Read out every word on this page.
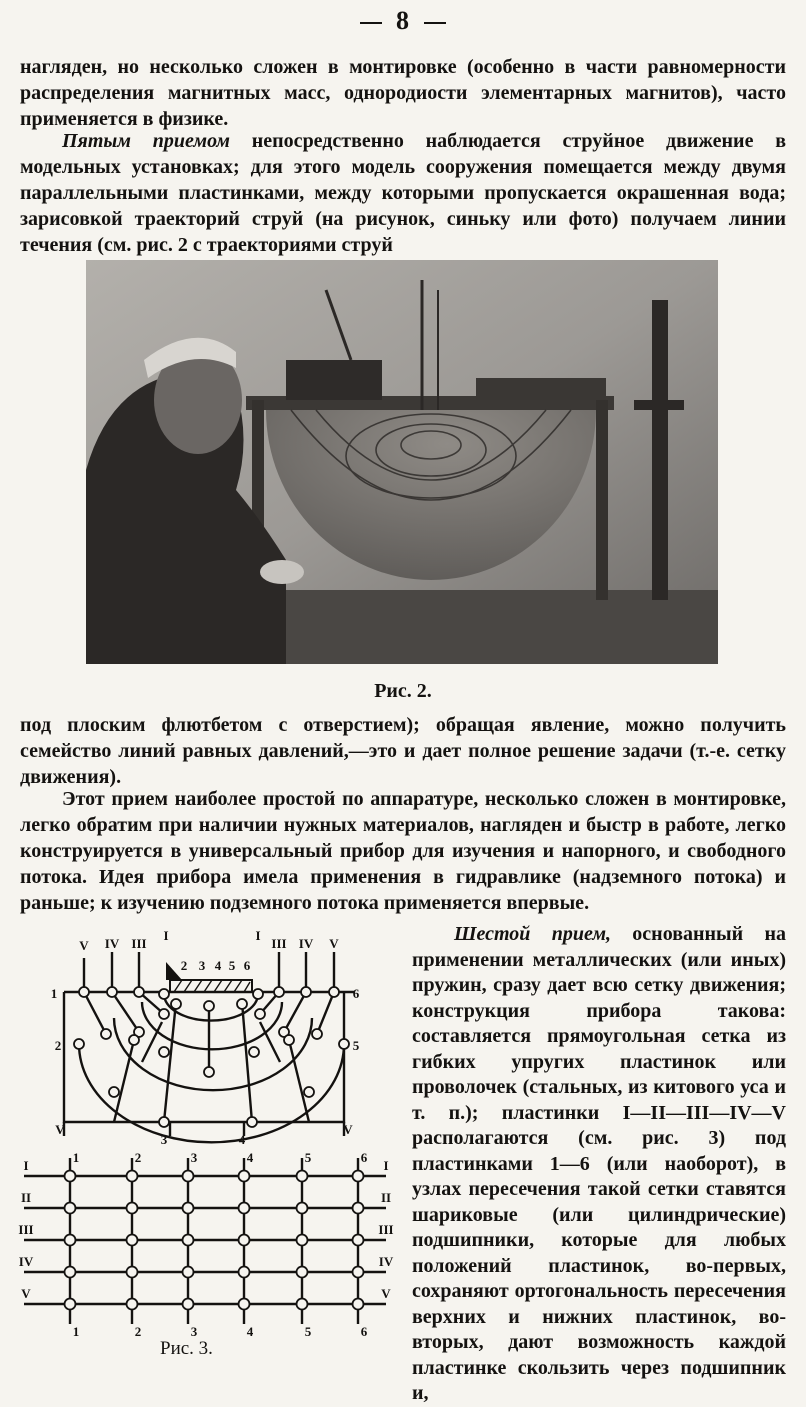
8

нагляден, но несколько сложен в монтировке (особенно в части равномерности распределения магнитных масс, однородиости элементарных магнитов), часто применяется в физике.

Пятым приемом непосредственно наблюдается струйное движение в модельных установках; для этого модель сооружения помещается между двумя параллельными пластинками, между которыми пропускается окрашенная вода; зарисовкой траекторий струй (на рисунок, синьку или фото) получаем линии течения (см. рис. 2 с траекториями струй

Рис. 2.

под плоским флютбетом с отверстием); обращая явление, можно получить семейство линий равных давлений,—это и дает полное решение задачи (т.-е. сетку движения).

Этот прием наиболее простой по аппаратуре, несколько сложен в монтировке, легко обратим при наличии нужных материалов, нагляден и быстр в работе, легко конструируется в универсальный прибор для изучения и напорного, и свободного потока. Идея прибора имела применения в гидравлике (надземного потока) и раньше; к изучению подземного потока применяется впервые.

V IV III	III IV V
I	I
2 3 4 5 6
1	6
2	5
V	V
3	4
I	I
II	II
III	III
IV	IV
V	V
1
1
2
2
3
3
4
4
5
5
6
6
Рис. 3.

Шестой прием, основанный на применении металлических (или иных) пружин, сразу дает всю сетку движения; конструкция прибора такова: составляется прямоугольная сетка из гибких упругих пластинок или проволочек (стальных, из китового уса и т. п.); пластинки I—II—III—IV—V располагаются (см. рис. 3) под пластинками 1—6 (или наоборот), в узлах пересечения такой сетки ставятся шариковые (или цилиндрические) подшипники, которые для любых положений пластинок, во-первых, сохраняют ортогональность пересечения верхних и нижних пластинок, во-вторых, дают возможность каждой пластинке скользить через подшипник и,
